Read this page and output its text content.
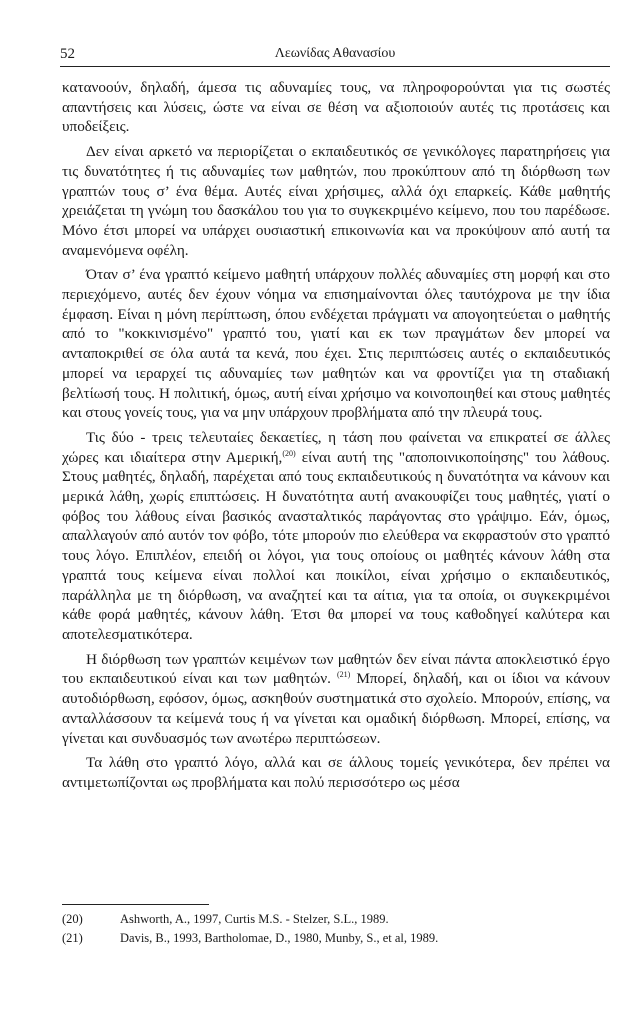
52	Λεωνίδας Αθανασίου

κατανοούν, δηλαδή, άμεσα τις αδυναμίες τους, να πληροφορούνται για τις σωστές απαντήσεις και λύσεις, ώστε να είναι σε θέση να αξιοποιούν αυτές τις προτάσεις και υποδείξεις.

Δεν είναι αρκετό να περιορίζεται ο εκπαιδευτικός σε γενικόλογες παρατηρήσεις για τις δυνατότητες ή τις αδυναμίες των μαθητών, που προκύπτουν από τη διόρθωση των γραπτών τους σ’ ένα θέμα. Αυτές είναι χρήσιμες, αλλά όχι επαρκείς. Κάθε μαθητής χρειάζεται τη γνώμη του δασκάλου του για το συγκεκριμένο κείμενο, που του παρέδωσε. Μόνο έτσι μπορεί να υπάρχει ουσιαστική επικοινωνία και να προκύψουν από αυτή τα αναμενόμενα οφέλη.

Όταν σ’ ένα γραπτό κείμενο μαθητή υπάρχουν πολλές αδυναμίες στη μορφή και στο περιεχόμενο, αυτές δεν έχουν νόημα να επισημαίνονται όλες ταυτόχρονα με την ίδια έμφαση. Είναι η μόνη περίπτωση, όπου ενδέχεται πράγματι να απογοητεύεται ο μαθητής από το "κοκκινισμένο" γραπτό του, γιατί και εκ των πραγμάτων δεν μπορεί να ανταποκριθεί σε όλα αυτά τα κενά, που έχει. Στις περιπτώσεις αυτές ο εκπαιδευτικός μπορεί να ιεραρχεί τις αδυναμίες των μαθητών και να φροντίζει για τη σταδιακή βελτίωσή τους. Η πολιτική, όμως, αυτή είναι χρήσιμο να κοινοποιηθεί και στους μαθητές και στους γονείς τους, για να μην υπάρχουν προβλήματα από την πλευρά τους.

Τις δύο - τρεις τελευταίες δεκαετίες, η τάση που φαίνεται να επικρατεί σε άλλες χώρες και ιδιαίτερα στην Αμερική,$^{(20)}$ είναι αυτή της "αποποινικοποίησης" του λάθους. Στους μαθητές, δηλαδή, παρέχεται από τους εκπαιδευτικούς η δυνατότητα να κάνουν και μερικά λάθη, χωρίς επιπτώσεις. Η δυνατότητα αυτή ανακουφίζει τους μαθητές, γιατί ο φόβος του λάθους είναι βασικός ανασταλτικός παράγοντας στο γράψιμο. Εάν, όμως, απαλλαγούν από αυτόν τον φόβο, τότε μπορούν πιο ελεύθερα να εκφραστούν στο γραπτό τους λόγο. Επιπλέον, επειδή οι λόγοι, για τους οποίους οι μαθητές κάνουν λάθη στα γραπτά τους κείμενα είναι πολλοί και ποικίλοι, είναι χρήσιμο ο εκπαιδευτικός, παράλληλα με τη διόρθωση, να αναζητεί και τα αίτια, για τα οποία, οι συγκεκριμένοι κάθε φορά μαθητές, κάνουν λάθη. Έτσι θα μπορεί να τους καθοδηγεί καλύτερα και αποτελεσματικότερα.

Η διόρθωση των γραπτών κειμένων των μαθητών δεν είναι πάντα αποκλειστικό έργο του εκπαιδευτικού είναι και των μαθητών. $^{(21)}$ Μπορεί, δηλαδή, και οι ίδιοι να κάνουν αυτοδιόρθωση, εφόσον, όμως, ασκηθούν συστηματικά στο σχολείο. Μπορούν, επίσης, να ανταλλάσσουν τα κείμενά τους ή να γίνεται και ομαδική διόρθωση. Μπορεί, επίσης, να γίνεται και συνδυασμός των ανωτέρω περιπτώσεων.

Τα λάθη στο γραπτό λόγο, αλλά και σε άλλους τομείς γενικότερα, δεν πρέπει να αντιμετωπίζονται ως προβλήματα και πολύ περισσότερο ως μέσα

(20)	Ashworth, A., 1997, Curtis M.S. - Stelzer, S.L., 1989.
(21)	Davis, B., 1993, Bartholomae, D., 1980, Munby, S., et al, 1989.
